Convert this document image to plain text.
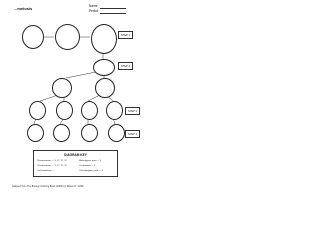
...meiosis	Name
Period
STEP 1
STEP 2
STEP 3
STEP 4
DIAGRAM KEY
Chromosomes — 5, 17, 27, 37
Chromosomes — 5, 17, 27, 37
Cell membrane —
Homologous pairs — 5
Centromere — 6
Cell (daughter) cells — 4
Adapted from The Biology Coloring Book (1986) by Robert D. Griffin
